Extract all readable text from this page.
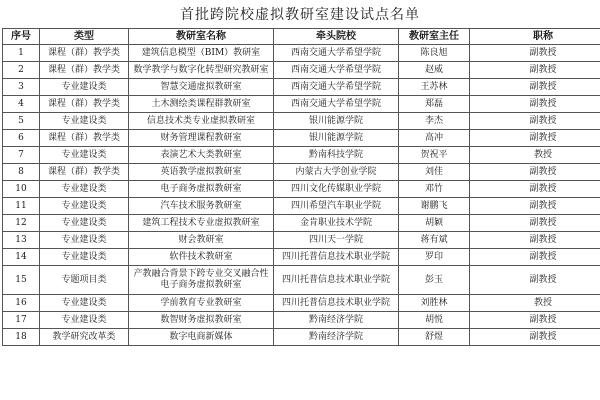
首批跨院校虚拟教研室建设试点名单
序号	类型	教研室名称	牵头院校	教研室主任	职称
1	课程（群）教学类	建筑信息模型（BIM）教研室	西南交通大学希望学院	陈良旭	副教授
2	课程（群）教学类	数学教学与数字化转型研究教研室	西南交通大学希望学院	赵威	副教授
3	专业建设类	智慧交通虚拟教研室	西南交通大学希望学院	王苏林	副教授
4	课程（群）教学类	土木测绘类课程群教研室	西南交通大学希望学院	郑磊	副教授
5	专业建设类	信息技术类专业虚拟教研室	银川能源学院	李杰	副教授
6	课程（群）教学类	财务管理课程教研室	银川能源学院	高冲	副教授
7	专业建设类	表演艺术大类教研室	黔南科技学院	贺祝平	教授
8	课程（群）教学类	英语教学虚拟教研室	内蒙古大学创业学院	刘佳	副教授
10	专业建设类	电子商务虚拟教研室	四川文化传媒职业学院	邓竹	副教授
11	专业建设类	汽车技术服务教研室	四川希望汽车职业学院	谢鹏飞	副教授
12	专业建设类	建筑工程技术专业虚拟教研室	金肯职业技术学院	胡颖	副教授
13	专业建设类	财会教研室	四川天一学院	蒋有斌	副教授
14	专业建设类	软件技术教研室	四川托普信息技术职业学院	罗印	副教授
15	专题项目类	产教融合背景下跨专业交叉融合性电子商务虚拟教研室	四川托普信息技术职业学院	彭玉	副教授
16	专业建设类	学前教育专业教研室	四川托普信息技术职业学院	刘胜林	教授
17	专业建设类	数智财务虚拟教研室	黔南经济学院	胡悦	副教授
18	教学研究改革类	数字电商新媒体	黔南经济学院	舒煜	副教授
